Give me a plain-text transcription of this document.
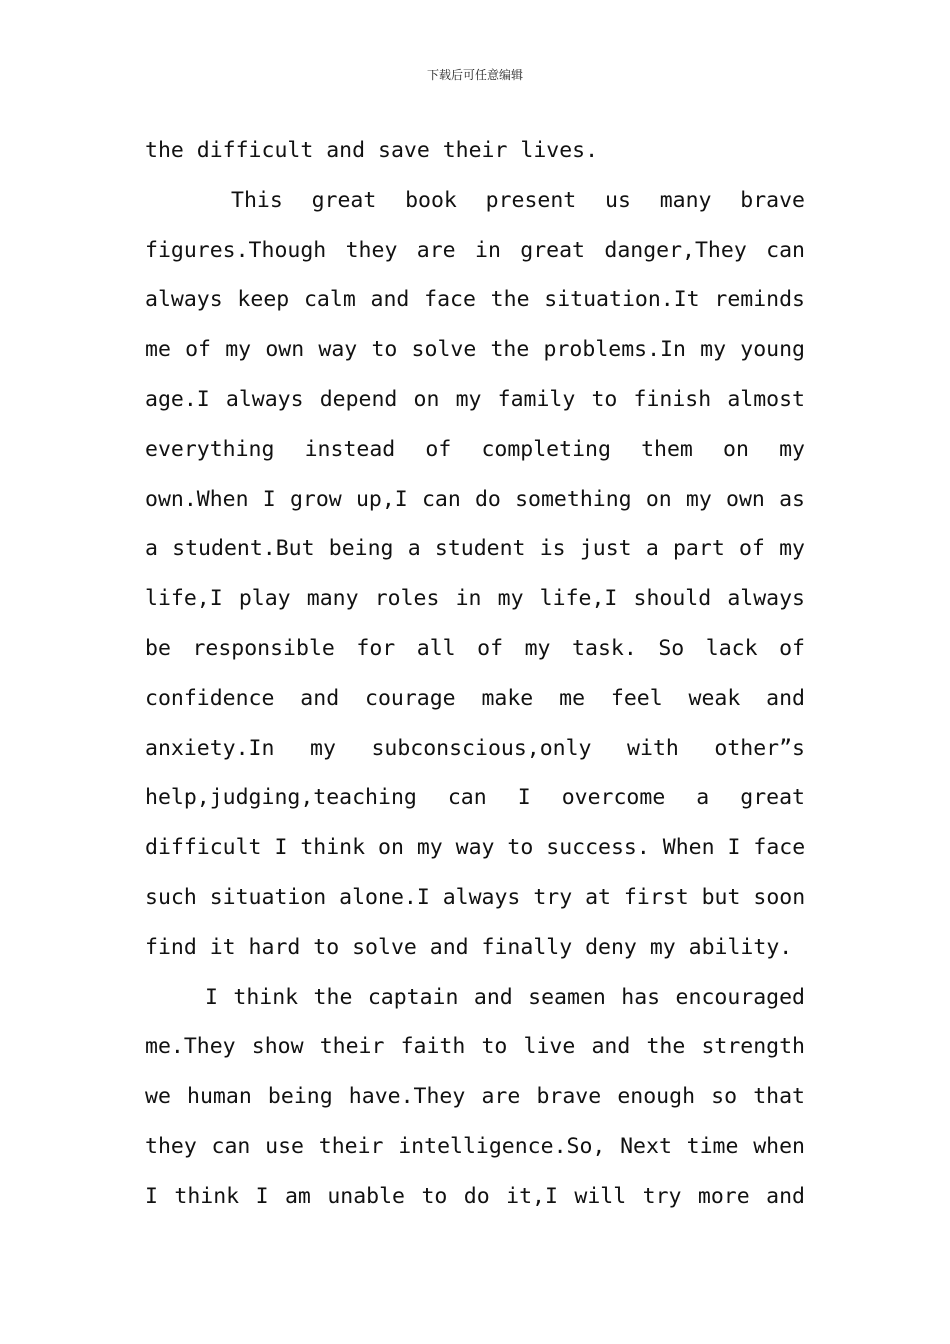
下载后可任意编辑
the difficult and save their lives.
This great book present us many brave
figures.Though they are in great danger,They can
always keep calm and face the situation.It reminds
me of my own way to solve the problems.In my young
age.I always depend on my family to finish almost
everything instead of completing them on my
own.When I grow up,I can do something on my own as
a student.But being a student is just a part of my
life,I play many roles in my life,I should always
be responsible for all of my task. So lack of
confidence and courage make me feel weak and
anxiety.In my subconscious,only with other”s
help,judging,teaching can I overcome a great
difficult I think on my way to success. When I face
such situation alone.I always try at first but soon
find it hard to solve and finally deny my ability.
I think the captain and seamen has encouraged
me.They show their faith to live and the strength
we human being have.They are brave enough so that
they can use their intelligence.So, Next time when
I think I am unable to do it,I will try more and
